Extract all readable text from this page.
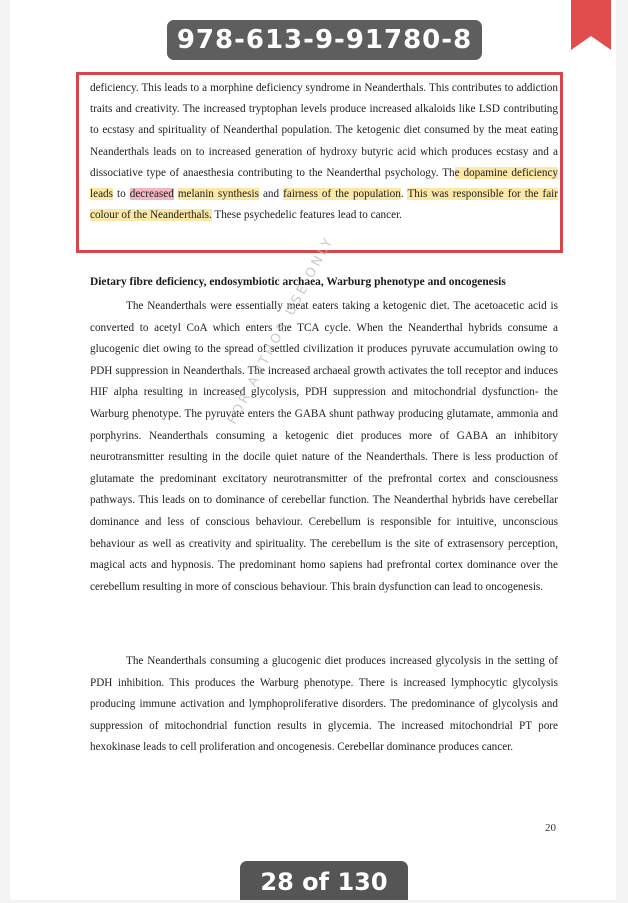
978-613-9-91780-8

deficiency. This leads to a morphine deficiency syndrome in Neanderthals. This contributes to addiction traits and creativity. The increased tryptophan levels produce increased alkaloids like LSD contributing to ecstasy and spirituality of Neanderthal population. The ketogenic diet consumed by the meat eating Neanderthals leads on to increased generation of hydroxy butyric acid which produces ecstasy and a dissociative type of anaesthesia contributing to the Neanderthal psychology. The dopamine deficiency leads to decreased melanin synthesis and fairness of the population. This was responsible for the fair colour of the Neanderthals. These psychedelic features lead to cancer.

Dietary fibre deficiency, endosymbiotic archaea, Warburg phenotype and oncogenesis

The Neanderthals were essentially meat eaters taking a ketogenic diet. The acetoacetic acid is converted to acetyl CoA which enters the TCA cycle. When the Neanderthal hybrids consume a glucogenic diet owing to the spread of settled civilization it produces pyruvate accumulation owing to PDH suppression in Neanderthals. The increased archaeal growth activates the toll receptor and induces HIF alpha resulting in increased glycolysis, PDH suppression and mitochondrial dysfunction- the Warburg phenotype. The pyruvate enters the GABA shunt pathway producing glutamate, ammonia and porphyrins. Neanderthals consuming a ketogenic diet produces more of GABA an inhibitory neurotransmitter resulting in the docile quiet nature of the Neanderthals. There is less production of glutamate the predominant excitatory neurotransmitter of the prefrontal cortex and consciousness pathways. This leads on to dominance of cerebellar function. The Neanderthal hybrids have cerebellar dominance and less of conscious behaviour. Cerebellum is responsible for intuitive, unconscious behaviour as well as creativity and spirituality. The cerebellum is the site of extrasensory perception, magical acts and hypnosis. The predominant homo sapiens had prefrontal cortex dominance over the cerebellum resulting in more of conscious behaviour. This brain dysfunction can lead to oncogenesis.

FOR AUTHOR USE ONLY

The Neanderthals consuming a glucogenic diet produces increased glycolysis in the setting of PDH inhibition. This produces the Warburg phenotype. There is increased lymphocytic glycolysis producing immune activation and lymphoproliferative disorders. The predominance of glycolysis and suppression of mitochondrial function results in glycemia. The increased mitochondrial PT pore hexokinase leads to cell proliferation and oncogenesis. Cerebellar dominance produces cancer.

20
28 of 130
